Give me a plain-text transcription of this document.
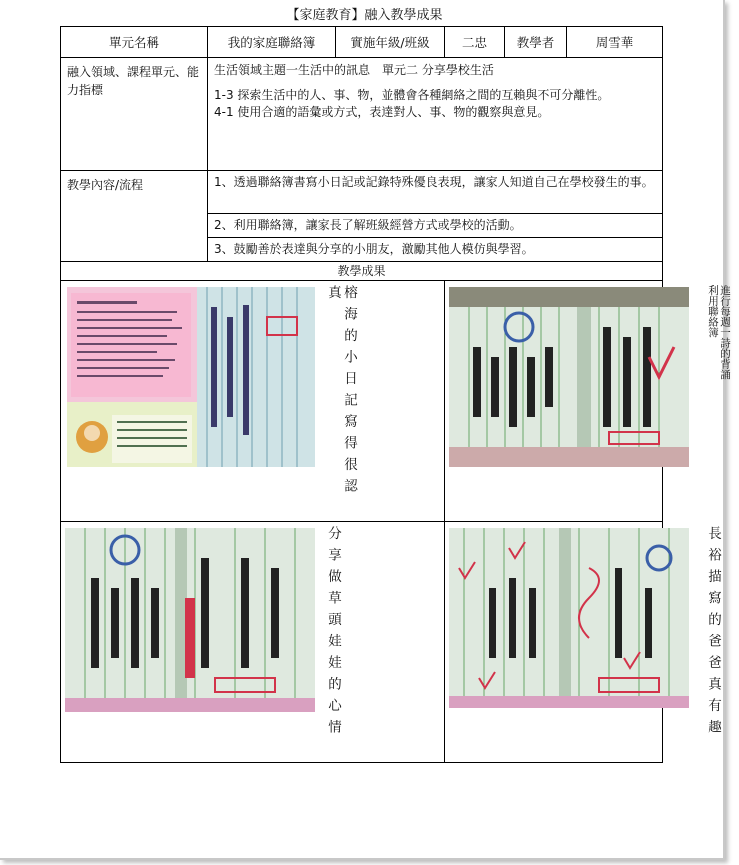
【家庭教育】融入教學成果
單元名稱	我的家庭聯絡簿	實施年級/班級	二忠	教學者	周雪華
融入領域、課程單元、能力指標	生活領域主題一生活中的訊息　單元二 分享學校生活
1-3 探索生活中的人、事、物，並體會各種網絡之間的互賴與不可分離性。
4-1 使用合適的語彙或方式，表達對人、事、物的觀察與意見。				

教學內容/流程	1、透過聯絡簿書寫小日記或記錄特殊優良表現，讓家人知道自己在學校發生的事。				
	2、利用聯絡簿，讓家長了解班級經營方式或學校的活動。				
	3、鼓勵善於表達與分享的小朋友，激勵其他人模仿與學習。				
教學成果					

榕海的小日記寫得很認真			利用聯絡簿 進行每週一詩的背誦		

分享做草頭娃娃的心情			長裕描寫的爸爸真有趣		
